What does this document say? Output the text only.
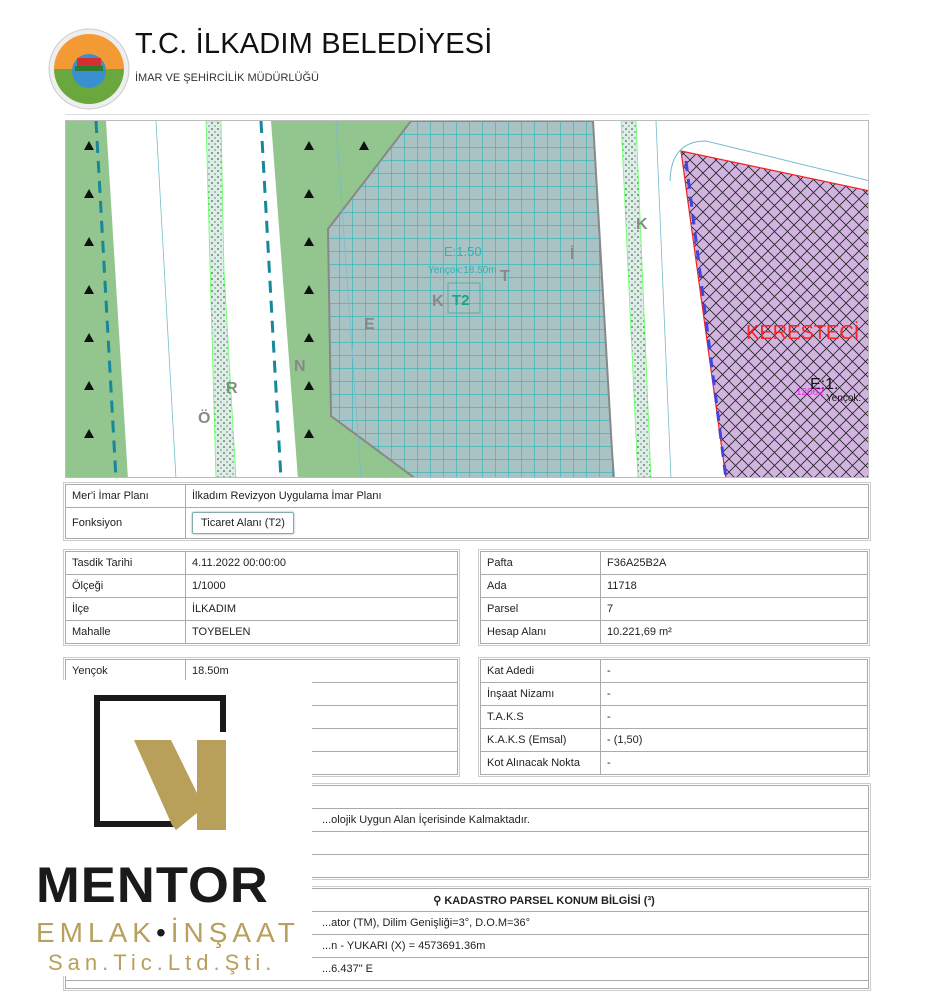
T.C. İLKADIM BELEDİYESİ
İMAR VE ŞEHİRCİLİK MÜDÜRLÜĞÜ
E:1.50
Yençok:18.50m
T2
Ö
R
N
E
K
T
İ
K
KERESTECİ
E:1.
Yençok:
12062
Mer'i İmar Planı	İlkadım Revizyon Uygulama İmar Planı
Fonksiyon	Ticaret Alanı (T2)
Tasdik Tarihi	4.11.2022 00:00:00
Ölçeği	1/1000
İlçe	İLKADIM
Mahalle	TOYBELEN
Pafta	F36A25B2A
Ada	11718
Parsel	7
Hesap Alanı	10.221,69 m²
Yençok	18.50m

		Kat Adedi	-
İnşaat Nizamı	-
T.A.K.S	-
K.A.K.S (Emsal)	- (1,50)
Kot Alınacak Nokta	-

...olojik Uygun Alan İçerisinde Kalmaktadır.

⚲ KADASTRO PARSEL KONUM BİLGİSİ (³)
...ator (TM), Dilim Genişliği=3°, D.O.M=36°
...n - YUKARI (X) = 4573691.36m
...6.437" E

MENTOR
EMLAK•İNŞAAT
San.Tic.Ltd.Şti.
